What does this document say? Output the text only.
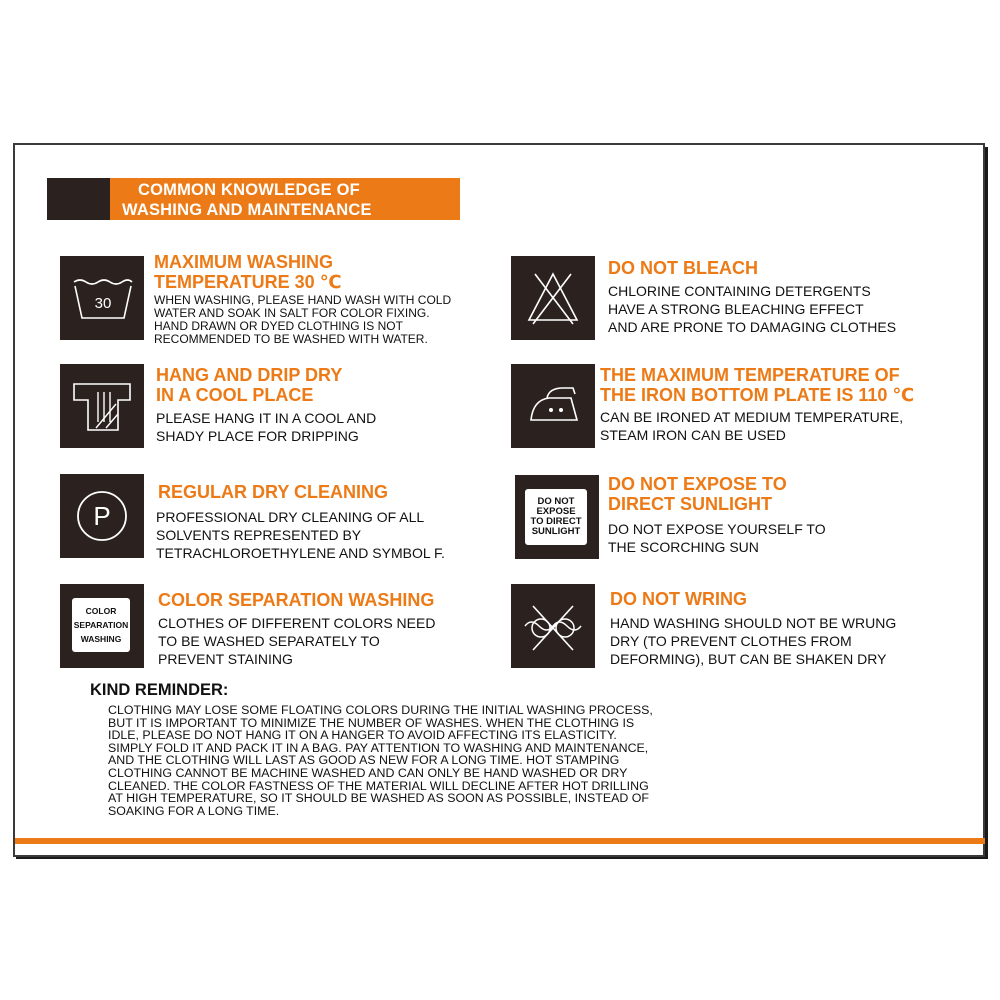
COMMON KNOWLEDGE OF
WASHING AND MAINTENANCE
30
MAXIMUM WASHING
TEMPERATURE 30 ℃
WHEN WASHING, PLEASE HAND WASH WITH COLD
WATER AND SOAK IN SALT FOR COLOR FIXING.
HAND DRAWN OR DYED CLOTHING IS NOT
RECOMMENDED TO BE WASHED WITH WATER.
DO NOT BLEACH
CHLORINE CONTAINING DETERGENTS
HAVE A STRONG BLEACHING EFFECT
AND ARE PRONE TO DAMAGING CLOTHES
HANG AND DRIP DRY
IN A COOL PLACE
PLEASE HANG IT IN A COOL AND
SHADY PLACE FOR DRIPPING
THE MAXIMUM TEMPERATURE OF
THE IRON BOTTOM PLATE IS 110 ℃
CAN BE IRONED AT MEDIUM TEMPERATURE,
STEAM IRON CAN BE USED
P
REGULAR DRY CLEANING
PROFESSIONAL DRY CLEANING OF ALL
SOLVENTS REPRESENTED BY
TETRACHLOROETHYLENE AND SYMBOL F.
DO NOT
EXPOSE
TO DIRECT
SUNLIGHT
DO NOT EXPOSE TO
DIRECT SUNLIGHT
DO NOT EXPOSE YOURSELF TO
THE SCORCHING SUN
COLOR
SEPARATION
WASHING
COLOR SEPARATION WASHING
CLOTHES OF DIFFERENT COLORS NEED
TO BE WASHED SEPARATELY TO
PREVENT STAINING
DO NOT WRING
HAND WASHING SHOULD NOT BE WRUNG
DRY (TO PREVENT CLOTHES FROM
DEFORMING), BUT CAN BE SHAKEN DRY
KIND REMINDER:
CLOTHING MAY LOSE SOME FLOATING COLORS DURING THE INITIAL WASHING PROCESS,
BUT IT IS IMPORTANT TO MINIMIZE THE NUMBER OF WASHES. WHEN THE CLOTHING IS
IDLE, PLEASE DO NOT HANG IT ON A HANGER TO AVOID AFFECTING ITS ELASTICITY.
SIMPLY FOLD IT AND PACK IT IN A BAG. PAY ATTENTION TO WASHING AND MAINTENANCE,
AND THE CLOTHING WILL LAST AS GOOD AS NEW FOR A LONG TIME. HOT STAMPING
CLOTHING CANNOT BE MACHINE WASHED AND CAN ONLY BE HAND WASHED OR DRY
CLEANED. THE COLOR FASTNESS OF THE MATERIAL WILL DECLINE AFTER HOT DRILLING
AT HIGH TEMPERATURE, SO IT SHOULD BE WASHED AS SOON AS POSSIBLE, INSTEAD OF
SOAKING FOR A LONG TIME.
